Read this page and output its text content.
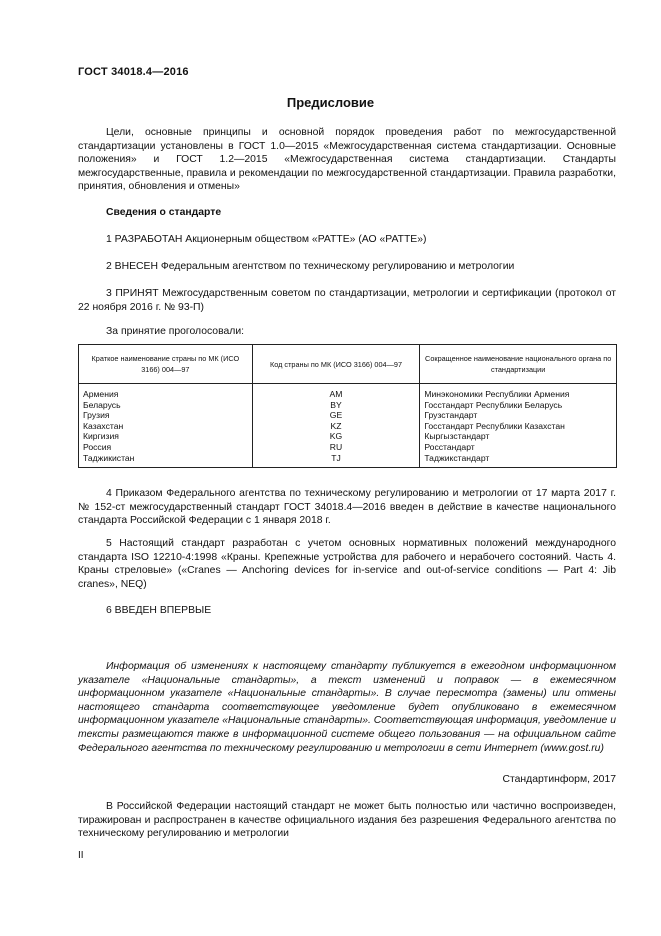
ГОСТ 34018.4—2016
Предисловие
Цели, основные принципы и основной порядок проведения работ по межгосударственной стандартизации установлены в ГОСТ 1.0—2015 «Межгосударственная система стандартизации. Основные положения» и ГОСТ 1.2—2015 «Межгосударственная система стандартизации. Стандарты межгосударственные, правила и рекомендации по межгосударственной стандартизации. Правила разработки, принятия, обновления и отмены»
Сведения о стандарте
1 РАЗРАБОТАН Акционерным обществом «РАТТЕ» (АО «РАТТЕ»)
2 ВНЕСЕН Федеральным агентством по техническому регулированию и метрологии
3 ПРИНЯТ Межгосударственным советом по стандартизации, метрологии и сертификации (протокол от 22 ноября 2016 г. № 93-П)
За принятие проголосовали:
Краткое наименование страны по МК (ИСО 3166) 004—97	Код страны по МК (ИСО 3166) 004—97	Сокращенное наименование национального органа по стандартизации
Армения	AM	Минэкономики Республики Армения
Беларусь	BY	Госстандарт Республики Беларусь
Грузия	GE	Грузстандарт
Казахстан	KZ	Госстандарт Республики Казахстан
Киргизия	KG	Кыргызстандарт
Россия	RU	Росстандарт
Таджикистан	TJ	Таджикстандарт
4 Приказом Федерального агентства по техническому регулированию и метрологии от 17 марта 2017 г. № 152-ст межгосударственный стандарт ГОСТ 34018.4—2016 введен в действие в качестве национального стандарта Российской Федерации с 1 января 2018 г.
5 Настоящий стандарт разработан с учетом основных нормативных положений международного стандарта ISO 12210-4:1998 «Краны. Крепежные устройства для рабочего и нерабочего состояний. Часть 4. Краны стреловые» («Cranes — Anchoring devices for in-service and out-of-service conditions — Part 4: Jib cranes», NEQ)
6 ВВЕДЕН ВПЕРВЫЕ
Информация об изменениях к настоящему стандарту публикуется в ежегодном информационном указателе «Национальные стандарты», а текст изменений и поправок — в ежемесячном информационном указателе «Национальные стандарты». В случае пересмотра (замены) или отмены настоящего стандарта соответствующее уведомление будет опубликовано в ежемесячном информационном указателе «Национальные стандарты». Соответствующая информация, уведомление и тексты размещаются также в информационной системе общего пользования — на официальном сайте Федерального агентства по техническому регулированию и метрологии в сети Интернет (www.gost.ru)
Стандартинформ, 2017
В Российской Федерации настоящий стандарт не может быть полностью или частично воспроизведен, тиражирован и распространен в качестве официального издания без разрешения Федерального агентства по техническому регулированию и метрологии
II
